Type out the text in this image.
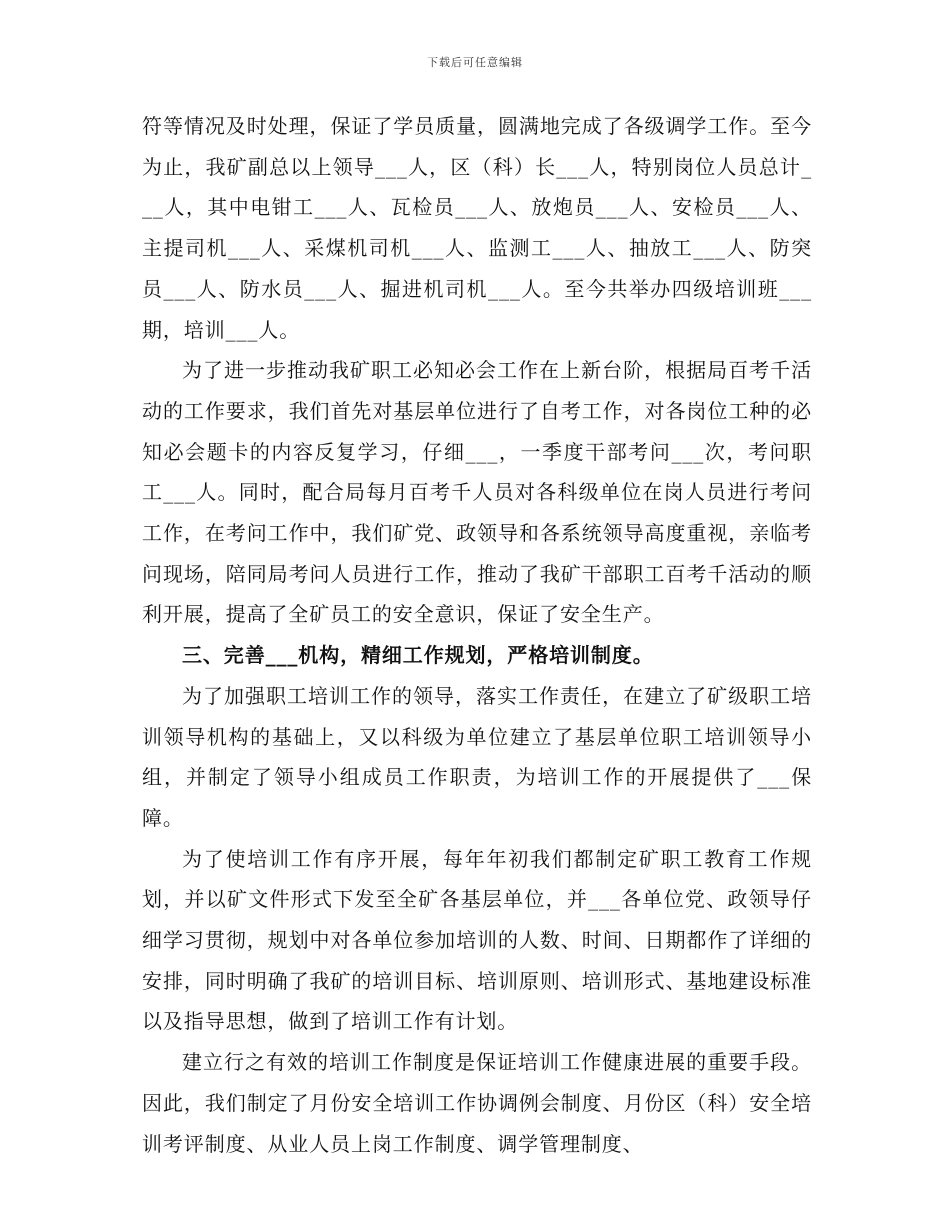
下载后可任意编辑

符等情况及时处理，保证了学员质量，圆满地完成了各级调学工作。至今为止，我矿副总以上领导___人，区（科）长___人，特别岗位人员总计___人，其中电钳工___人、瓦检员___人、放炮员___人、安检员___人、主提司机___人、采煤机司机___人、监测工___人、抽放工___人、防突员___人、防水员___人、掘进机司机___人。至今共举办四级培训班___期，培训___人。

为了进一步推动我矿职工必知必会工作在上新台阶，根据局百考千活动的工作要求，我们首先对基层单位进行了自考工作，对各岗位工种的必知必会题卡的内容反复学习，仔细___，一季度干部考问___次，考问职工___人。同时，配合局每月百考千人员对各科级单位在岗人员进行考问工作，在考问工作中，我们矿党、政领导和各系统领导高度重视，亲临考问现场，陪同局考问人员进行工作，推动了我矿干部职工百考千活动的顺利开展，提高了全矿员工的安全意识，保证了安全生产。

三、完善___机构，精细工作规划，严格培训制度。

为了加强职工培训工作的领导，落实工作责任，在建立了矿级职工培训领导机构的基础上，又以科级为单位建立了基层单位职工培训领导小组，并制定了领导小组成员工作职责，为培训工作的开展提供了___保障。

为了使培训工作有序开展，每年年初我们都制定矿职工教育工作规划，并以矿文件形式下发至全矿各基层单位，并___各单位党、政领导仔细学习贯彻，规划中对各单位参加培训的人数、时间、日期都作了详细的安排，同时明确了我矿的培训目标、培训原则、培训形式、基地建设标准以及指导思想，做到了培训工作有计划。

建立行之有效的培训工作制度是保证培训工作健康进展的重要手段。因此，我们制定了月份安全培训工作协调例会制度、月份区（科）安全培训考评制度、从业人员上岗工作制度、调学管理制度、
